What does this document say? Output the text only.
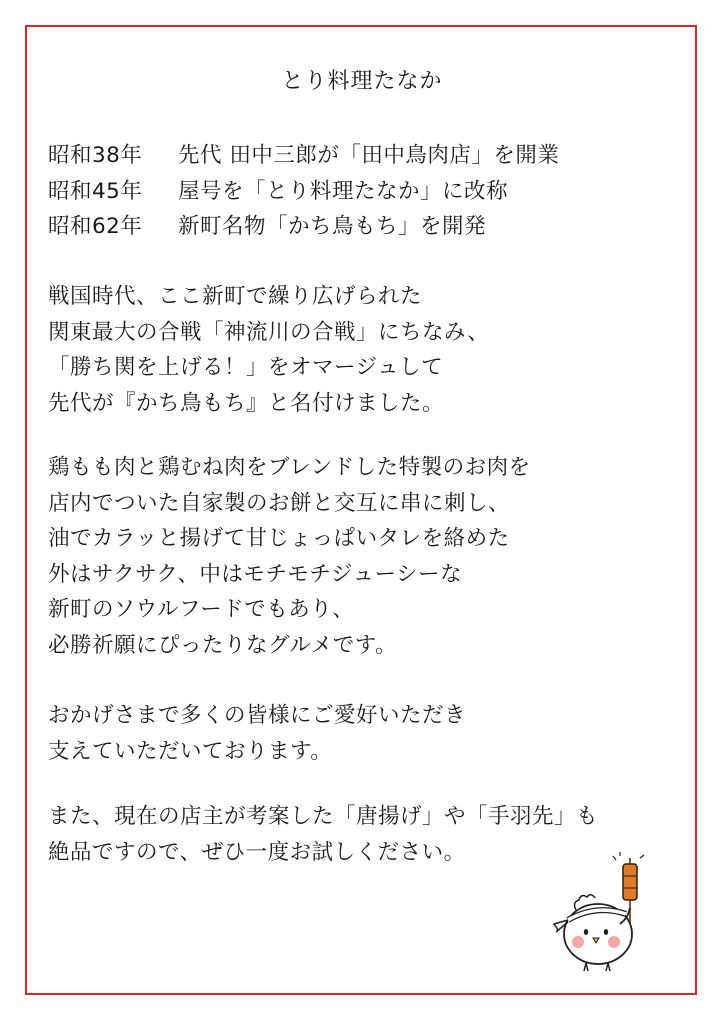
とり料理たなか
昭和38年	先代 田中三郎が「田中鳥肉店」を開業
昭和45年	屋号を「とり料理たなか」に改称
昭和62年	新町名物「かち鳥もち」を開発
戦国時代、ここ新町で繰り広げられた
関東最大の合戦「神流川の合戦」にちなみ、
「勝ち関を上げる！」をオマージュして
先代が『かち鳥もち』と名付けました。
鶏もも肉と鶏むね肉をブレンドした特製のお肉を
店内でついた自家製のお餅と交互に串に刺し、
油でカラッと揚げて甘じょっぱいタレを絡めた
外はサクサク、中はモチモチジューシーな
新町のソウルフードでもあり、
必勝祈願にぴったりなグルメです。
おかげさまで多くの皆様にご愛好いただき
支えていただいております。
また、現在の店主が考案した「唐揚げ」や「手羽先」も
絶品ですので、ぜひ一度お試しください。
